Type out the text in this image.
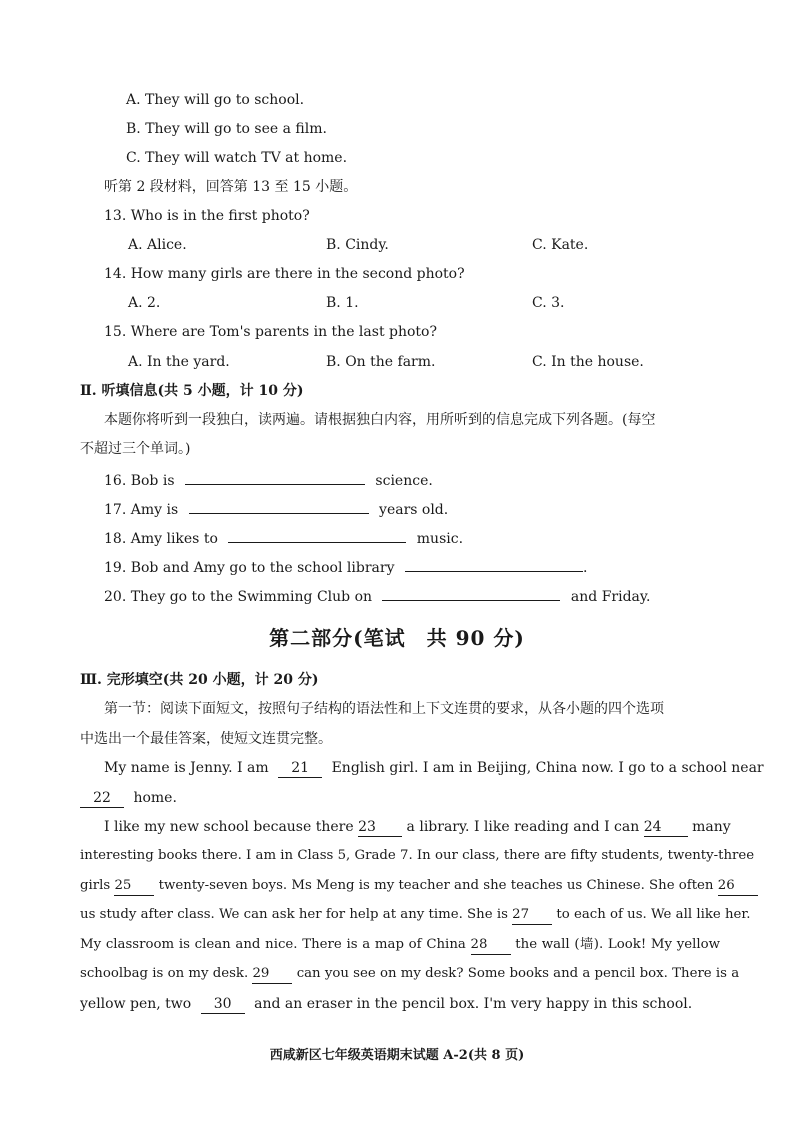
A. They will go to school.
B. They will go to see a film.
C. They will watch TV at home.
听第 2 段材料，回答第 13 至 15 小题。
13. Who is in the first photo?
A. Alice.	B. Cindy.	C. Kate.
14. How many girls are there in the second photo?
A. 2.	B. 1.	C. 3.
15. Where are Tom's parents in the last photo?
A. In the yard.	B. On the farm.	C. In the house.
Ⅱ. 听填信息(共 5 小题，计 10 分)
本题你将听到一段独白，读两遍。请根据独白内容，用所听到的信息完成下列各题。(每空
不超过三个单词。)
16. Bob is	science.
17. Amy is	years old.
18. Amy likes to	music.
19. Bob and Amy go to the school library	.
20. They go to the Swimming Club on	and Friday.
第二部分(笔试　共 90 分)
Ⅲ. 完形填空(共 20 小题，计 20 分)
第一节：阅读下面短文，按照句子结构的语法性和上下文连贯的要求，从各小题的四个选项
中选出一个最佳答案，使短文连贯完整。
My name is Jenny. I am 21 English girl. I am in Beijing, China now. I go to a school near
22 home.
I like my new school because there 23 a library. I like reading and I can 24 many
interesting books there. I am in Class 5, Grade 7. In our class, there are fifty students, twenty-three
girls 25 twenty-seven boys. Ms Meng is my teacher and she teaches us Chinese. She often 26
us study after class. We can ask her for help at any time. She is 27 to each of us. We all like her.
My classroom is clean and nice. There is a map of China 28 the wall (墙). Look! My yellow
schoolbag is on my desk. 29 can you see on my desk? Some books and a pencil box. There is a
yellow pen, two 30 and an eraser in the pencil box. I'm very happy in this school.
西咸新区七年级英语期末试题 A-2(共 8 页)
